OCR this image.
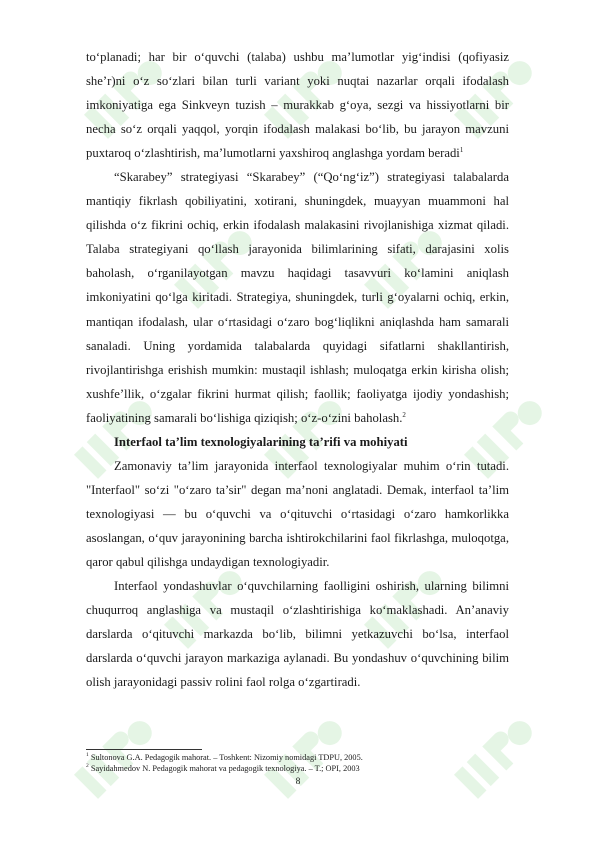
to‘planadi; har bir o‘quvchi (talaba) ushbu ma’lumotlar yig‘indisi (qofiyasiz she’r)ni o‘z so‘zlari bilan turli variant yoki nuqtai nazarlar orqali ifodalash imkoniyatiga ega Sinkveyn tuzish – murakkab g‘oya, sezgi va hissiyotlarni bir necha so‘z orqali yaqqol, yorqin ifodalash malakasi bo‘lib, bu jarayon mavzuni puxtaroq o‘zlashtirish, ma’lumotlarni yaxshiroq anglashga yordam beradi$^1$

“Skarabey” strategiyasi “Skarabey” (“Qo‘ng‘iz”) strategiyasi talabalarda mantiqiy fikrlash qobiliyatini, xotirani, shuningdek, muayyan muammoni hal qilishda o‘z fikrini ochiq, erkin ifodalash malakasini rivojlanishiga xizmat qiladi. Talaba strategiyani qo‘llash jarayonida bilimlarining sifati, darajasini xolis baholash, o‘rganilayotgan mavzu haqidagi tasavvuri ko‘lamini aniqlash imkoniyatini qo‘lga kiritadi. Strategiya, shuningdek, turli g‘oyalarni ochiq, erkin, mantiqan ifodalash, ular o‘rtasidagi o‘zaro bog‘liqlikni aniqlashda ham samarali sanaladi. Uning yordamida talabalarda quyidagi sifatlarni shakllantirish, rivojlantirishga erishish mumkin: mustaqil ishlash; muloqatga erkin kirisha olish; xushfe’llik, o‘zgalar fikrini hurmat qilish; faollik; faoliyatga ijodiy yondashish; faoliyatining samarali bo‘lishiga qiziqish; o‘z-o‘zini baholash.$^2$

Interfaol ta’lim texnologiyalarining ta’rifi va mohiyati

Zamonaviy ta’lim jarayonida interfaol texnologiyalar muhim o‘rin tutadi. "Interfaol" so‘zi "o‘zaro ta’sir" degan ma’noni anglatadi. Demak, interfaol ta’lim texnologiyasi — bu o‘quvchi va o‘qituvchi o‘rtasidagi o‘zaro hamkorlikka asoslangan, o‘quv jarayonining barcha ishtirokchilarini faol fikrlashga, muloqotga, qaror qabul qilishga undaydigan texnologiyadir.

Interfaol yondashuvlar o‘quvchilarning faolligini oshirish, ularning bilimni chuqurroq anglashiga va mustaqil o‘zlashtirishiga ko‘maklashadi. An’anaviy darslarda o‘qituvchi markazda bo‘lib, bilimni yetkazuvchi bo‘lsa, interfaol darslarda o‘quvchi jarayon markaziga aylanadi. Bu yondashuv o‘quvchining bilim olish jarayonidagi passiv rolini faol rolga o‘zgartiradi.

$^1$ Sultonova G.A. Pedagogik mahorat. – Toshkent: Nizomiy nomidagi TDPU, 2005.

$^2$ Sayidahmedov N. Pedagogik mahorat va pedagogik texnologiya. – T.; OPI, 2003

8
